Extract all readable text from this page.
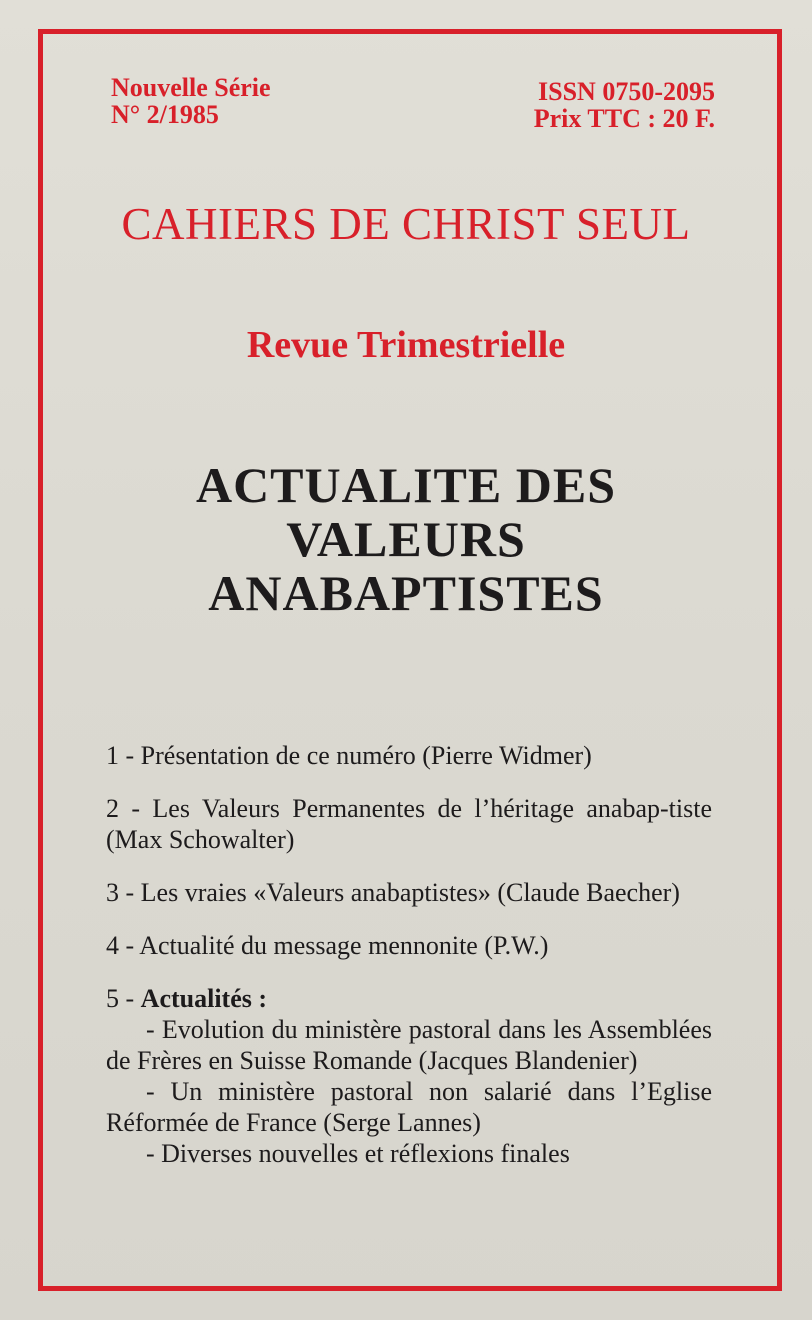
Nouvelle Série
N° 2/1985
ISSN 0750-2095
Prix TTC : 20 F.
CAHIERS DE CHRIST SEUL
Revue Trimestrielle
ACTUALITE DES
VALEURS
ANABAPTISTES

1 - Présentation de ce numéro (Pierre Widmer)

2 - Les Valeurs Permanentes de l’héritage anabap-tiste (Max Schowalter)

3 - Les vraies «Valeurs anabaptistes» (Claude Baecher)

4 - Actualité du message mennonite (P.W.)

5 - Actualités :

- Evolution du ministère pastoral dans les Assemblées de Frères en Suisse Romande (Jacques Blandenier)

- Un ministère pastoral non salarié dans l’Eglise Réformée de France (Serge Lannes)

- Diverses nouvelles et réflexions finales
